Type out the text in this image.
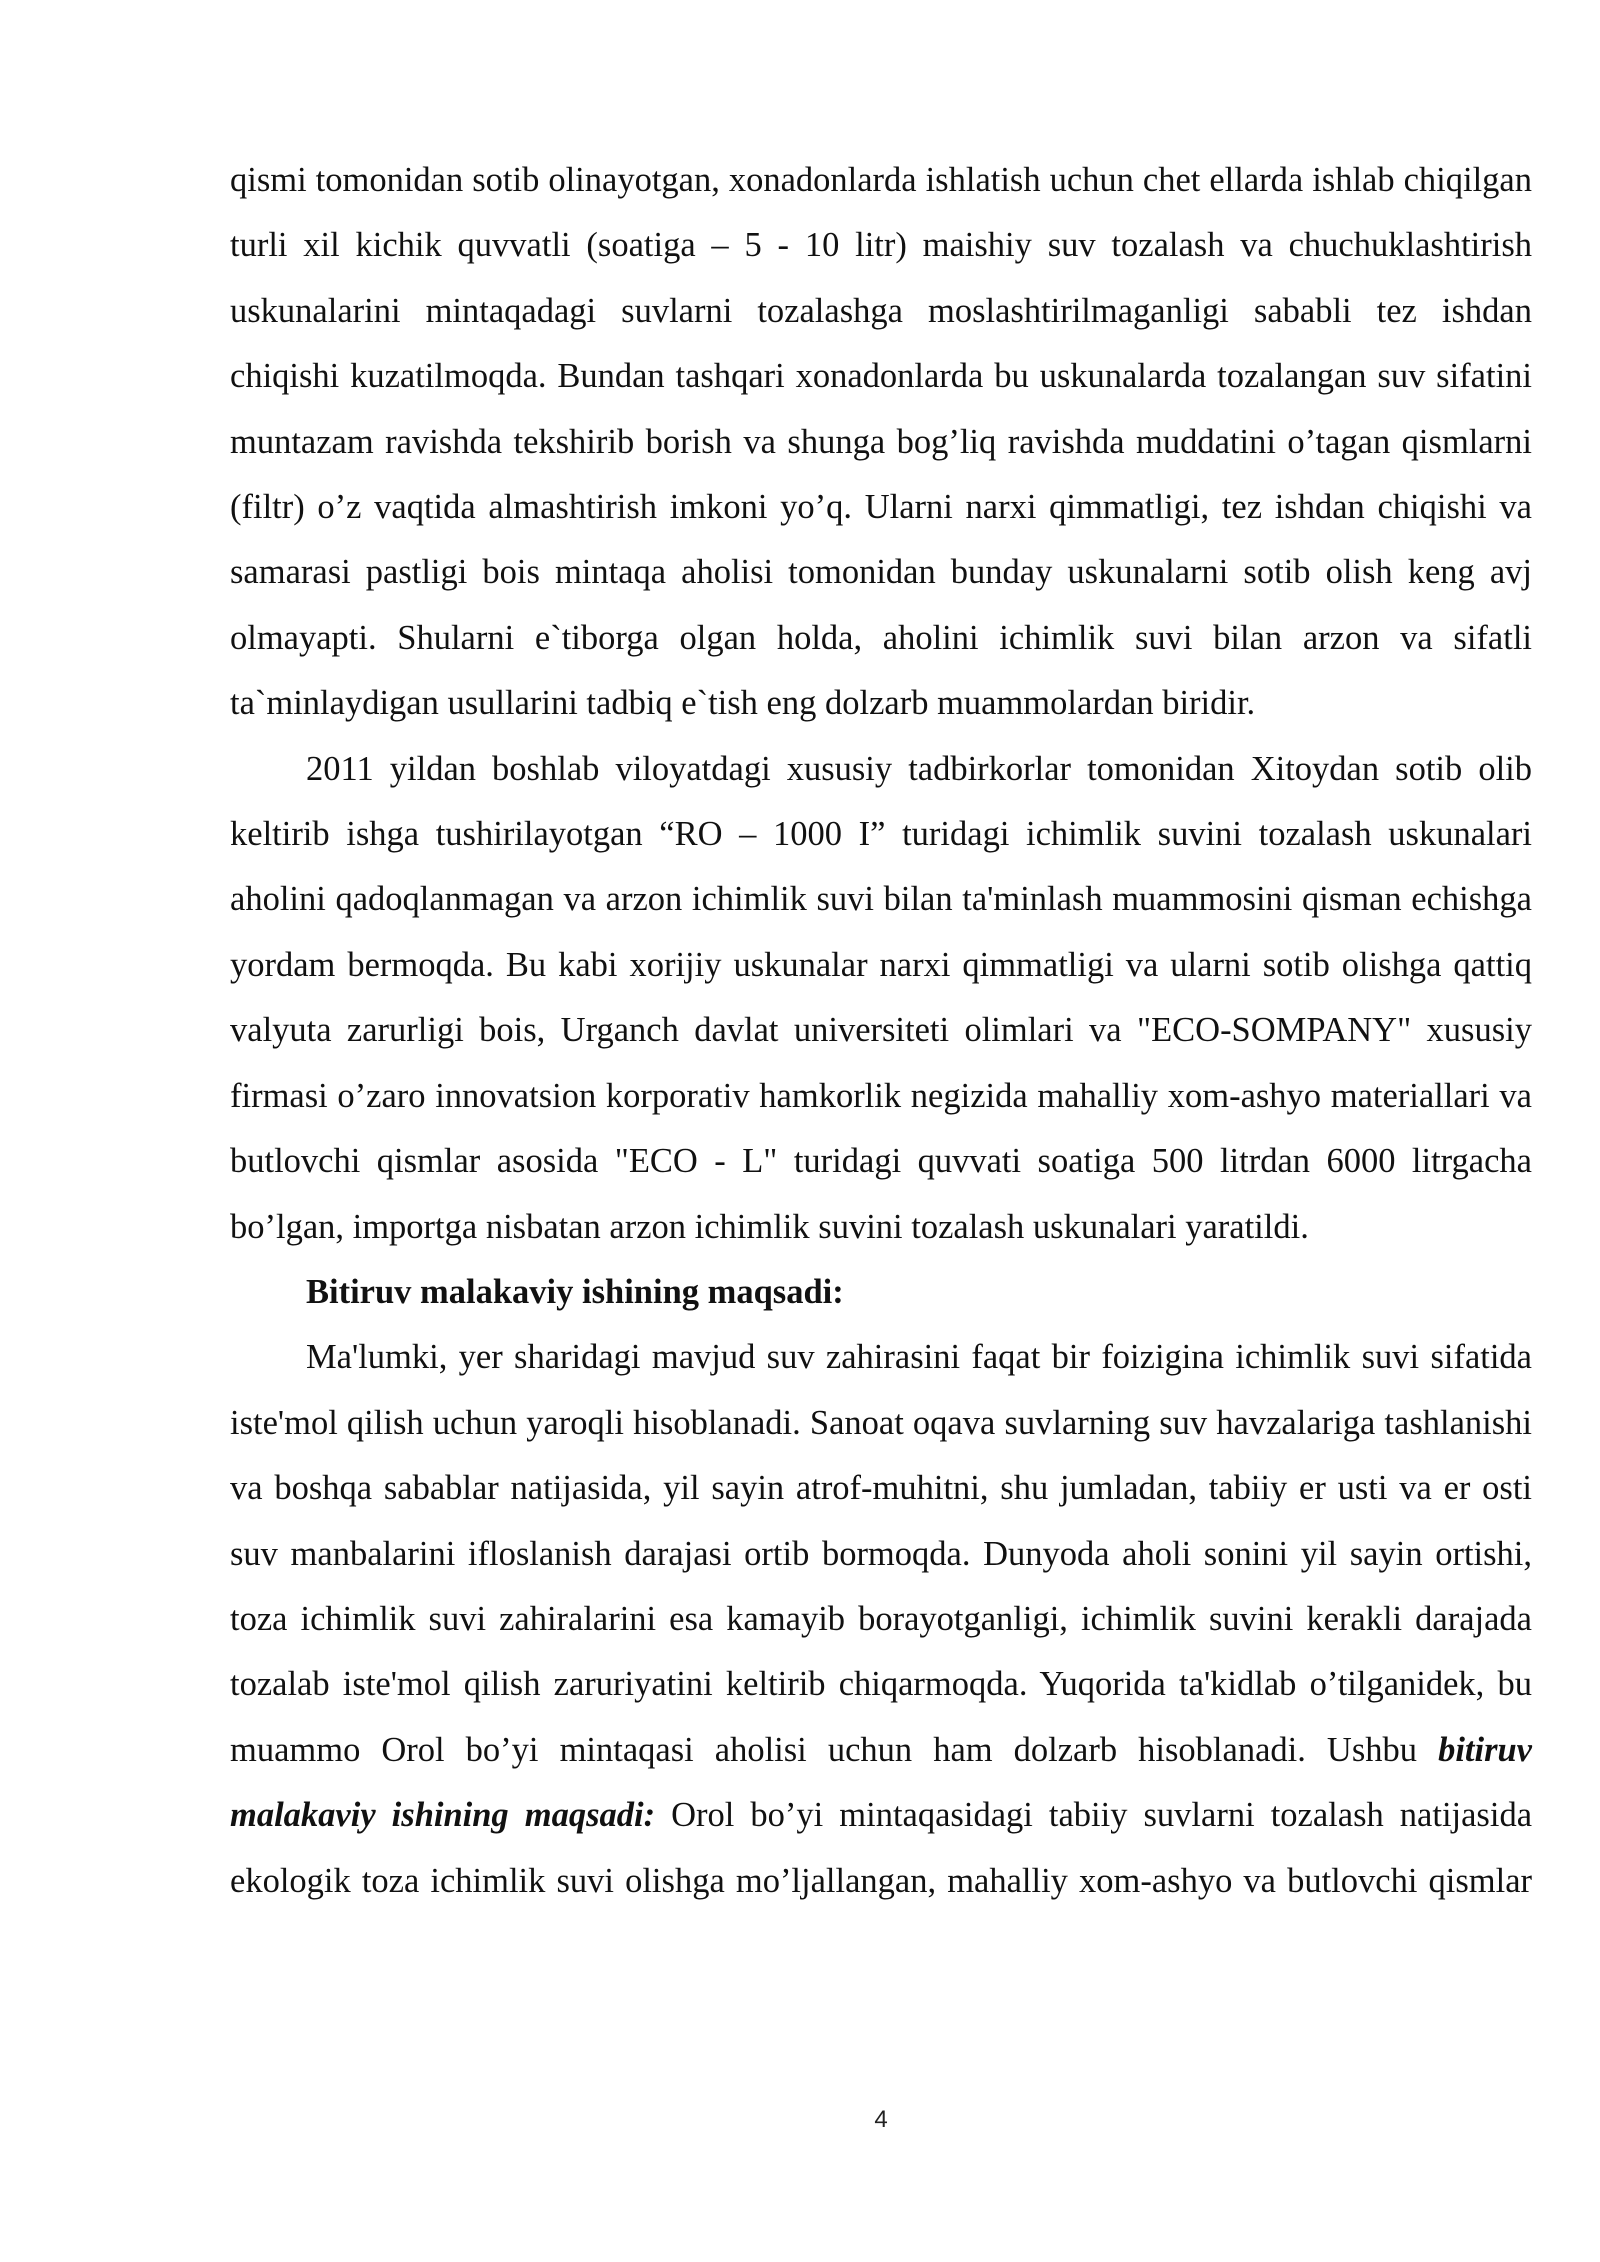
qismi tomonidan sotib olinayotgan, xonadonlarda ishlatish uchun chet ellarda ishlab chiqilgan turli xil kichik quvvatli (soatiga – 5 - 10 litr) maishiy suv tozalash va chuchuklashtirish uskunalarini mintaqadagi suvlarni tozalashga moslashtirilmaganligi sababli tez ishdan chiqishi kuzatilmoqda. Bundan tashqari xonadonlarda bu uskunalarda tozalangan suv sifatini muntazam ravishda tekshirib borish va shunga bog’liq ravishda muddatini o’tagan qismlarni (filtr) o’z vaqtida almashtirish imkoni yo’q. Ularni narxi qimmatligi, tez ishdan chiqishi va samarasi pastligi bois mintaqa aholisi tomonidan bunday uskunalarni sotib olish keng avj olmayapti. Shularni e`tiborga olgan holda, aholini ichimlik suvi bilan arzon va sifatli ta`minlaydigan usullarini tadbiq e`tish eng dolzarb muammolardan biridir.

2011 yildan boshlab viloyatdagi xususiy tadbirkorlar tomonidan Xitoydan sotib olib keltirib ishga tushirilayotgan “RO – 1000 I” turidagi ichimlik suvini tozalash uskunalari aholini qadoqlanmagan va arzon ichimlik suvi bilan ta'minlash muammosini qisman echishga yordam bermoqda. Bu kabi xorijiy uskunalar narxi qimmatligi va ularni sotib olishga qattiq valyuta zarurligi bois, Urganch davlat universiteti olimlari va "ECO-SOMPANY" xususiy firmasi o’zaro innovatsion korporativ hamkorlik negizida mahalliy xom-ashyo materiallari va butlovchi qismlar asosida "ECO - L" turidagi quvvati soatiga 500 litrdan 6000 litrgacha bo’lgan, importga nisbatan arzon ichimlik suvini tozalash uskunalari yaratildi.

Bitiruv malakaviy ishining maqsadi:

Ma'lumki, yer sharidagi mavjud suv zahirasini faqat bir foizigina ichimlik suvi sifatida iste'mol qilish uchun yaroqli hisoblanadi. Sanoat oqava suvlarning suv havzalariga tashlanishi va boshqa sabablar natijasida, yil sayin atrof-muhitni, shu jumladan, tabiiy er usti va er osti suv manbalarini ifloslanish darajasi ortib bormoqda. Dunyoda aholi sonini yil sayin ortishi, toza ichimlik suvi zahiralarini esa kamayib borayotganligi, ichimlik suvini kerakli darajada tozalab iste'mol qilish zaruriyatini keltirib chiqarmoqda. Yuqorida ta'kidlab o’tilganidek, bu muammo Orol bo’yi mintaqasi aholisi uchun ham dolzarb hisoblanadi. Ushbu bitiruv malakaviy ishining maqsadi: Orol bo’yi mintaqasidagi tabiiy suvlarni tozalash natijasida ekologik toza ichimlik suvi olishga mo’ljallangan, mahalliy xom-ashyo va butlovchi qismlar

4
